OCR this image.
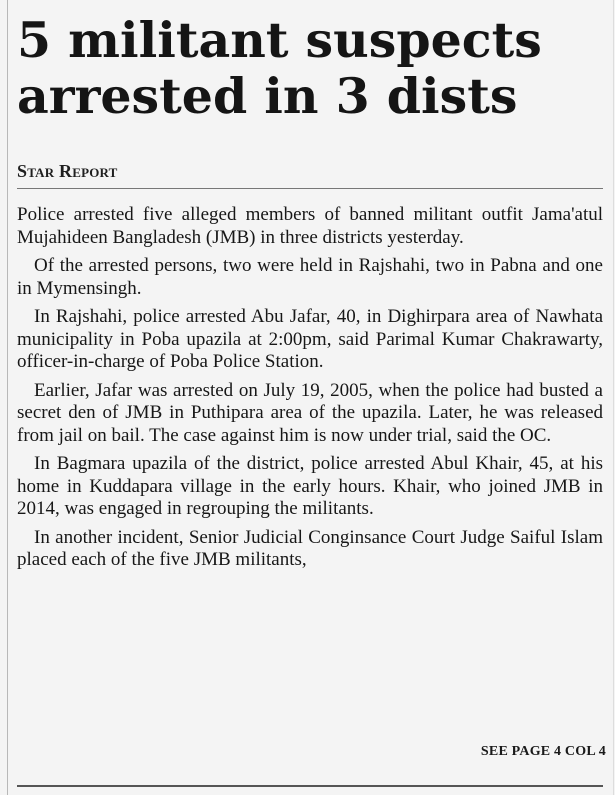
5 militant suspects
arrested in 3 dists
Star Report

Police arrested five alleged members of banned militant outfit Jama'atul Mujahideen Bangladesh (JMB) in three districts yesterday.

Of the arrested persons, two were held in Rajshahi, two in Pabna and one in Mymensingh.

In Rajshahi, police arrested Abu Jafar, 40, in Dighirpara area of Nawhata municipality in Poba upazila at 2:00pm, said Parimal Kumar Chakrawarty, officer-in-charge of Poba Police Station.

Earlier, Jafar was arrested on July 19, 2005, when the police had busted a secret den of JMB in Puthipara area of the upazila. Later, he was released from jail on bail. The case against him is now under trial, said the OC.

In Bagmara upazila of the district, police arrested Abul Khair, 45, at his home in Kuddapara village in the early hours. Khair, who joined JMB in 2014, was engaged in regrouping the militants.

In another incident, Senior Judicial Conginsance Court Judge Saiful Islam placed each of the five JMB militants,

SEE PAGE 4 COL 4
